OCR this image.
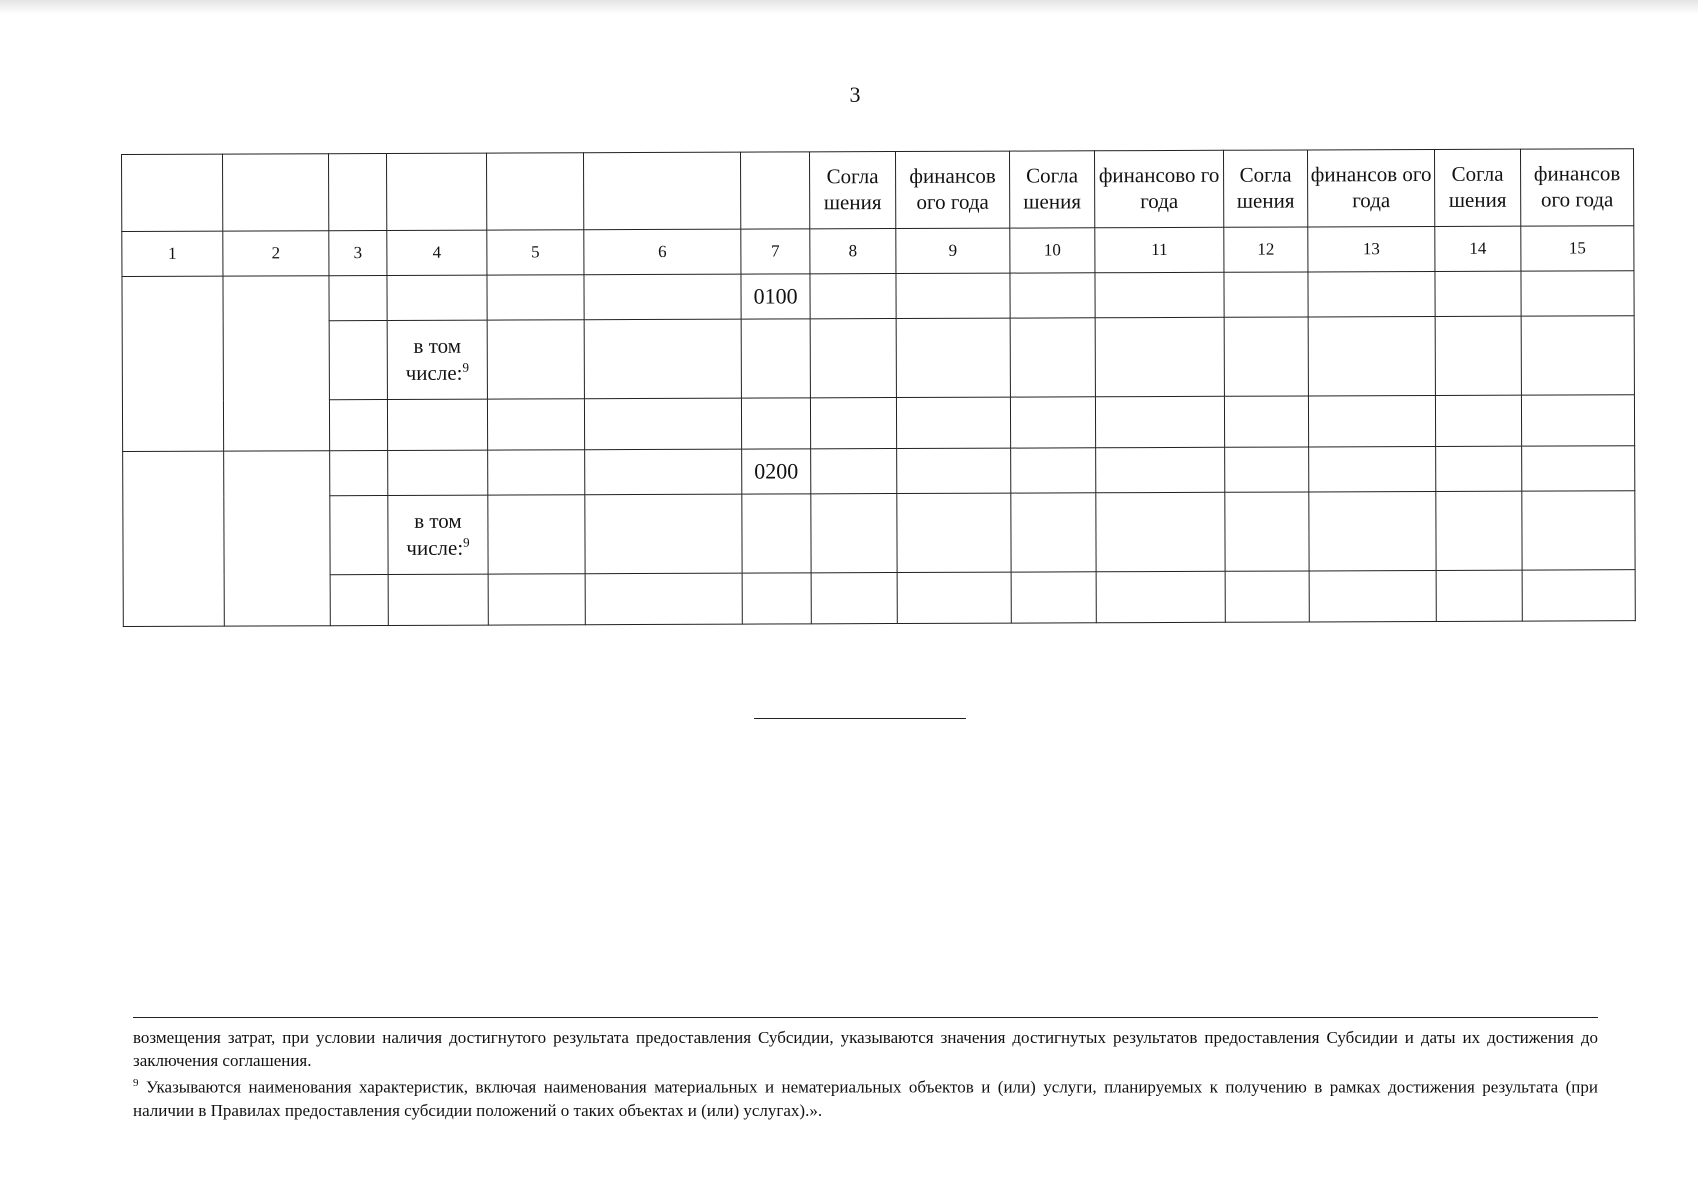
3
							Согла шения	финансов ого года	Согла шения	финансово го года	Согла шения	финансов ого года	Согла шения	финансов ого года
1	2	3	4	5	6	7	8	9	10	11	12	13	14	15
						0100								
			в том числе:$^9$											

						0200								
			в том числе:$^9$											

возмещения затрат, при условии наличия достигнутого результата предоставления Субсидии, указываются значения достигнутых результатов предоставления Субсидии и даты их достижения до заключения соглашения.

$^9$ Указываются наименования характеристик, включая наименования материальных и нематериальных объектов и (или) услуги, планируемых к получению в рамках достижения результата (при наличии в Правилах предоставления субсидии положений о таких объектах и (или) услугах).».
